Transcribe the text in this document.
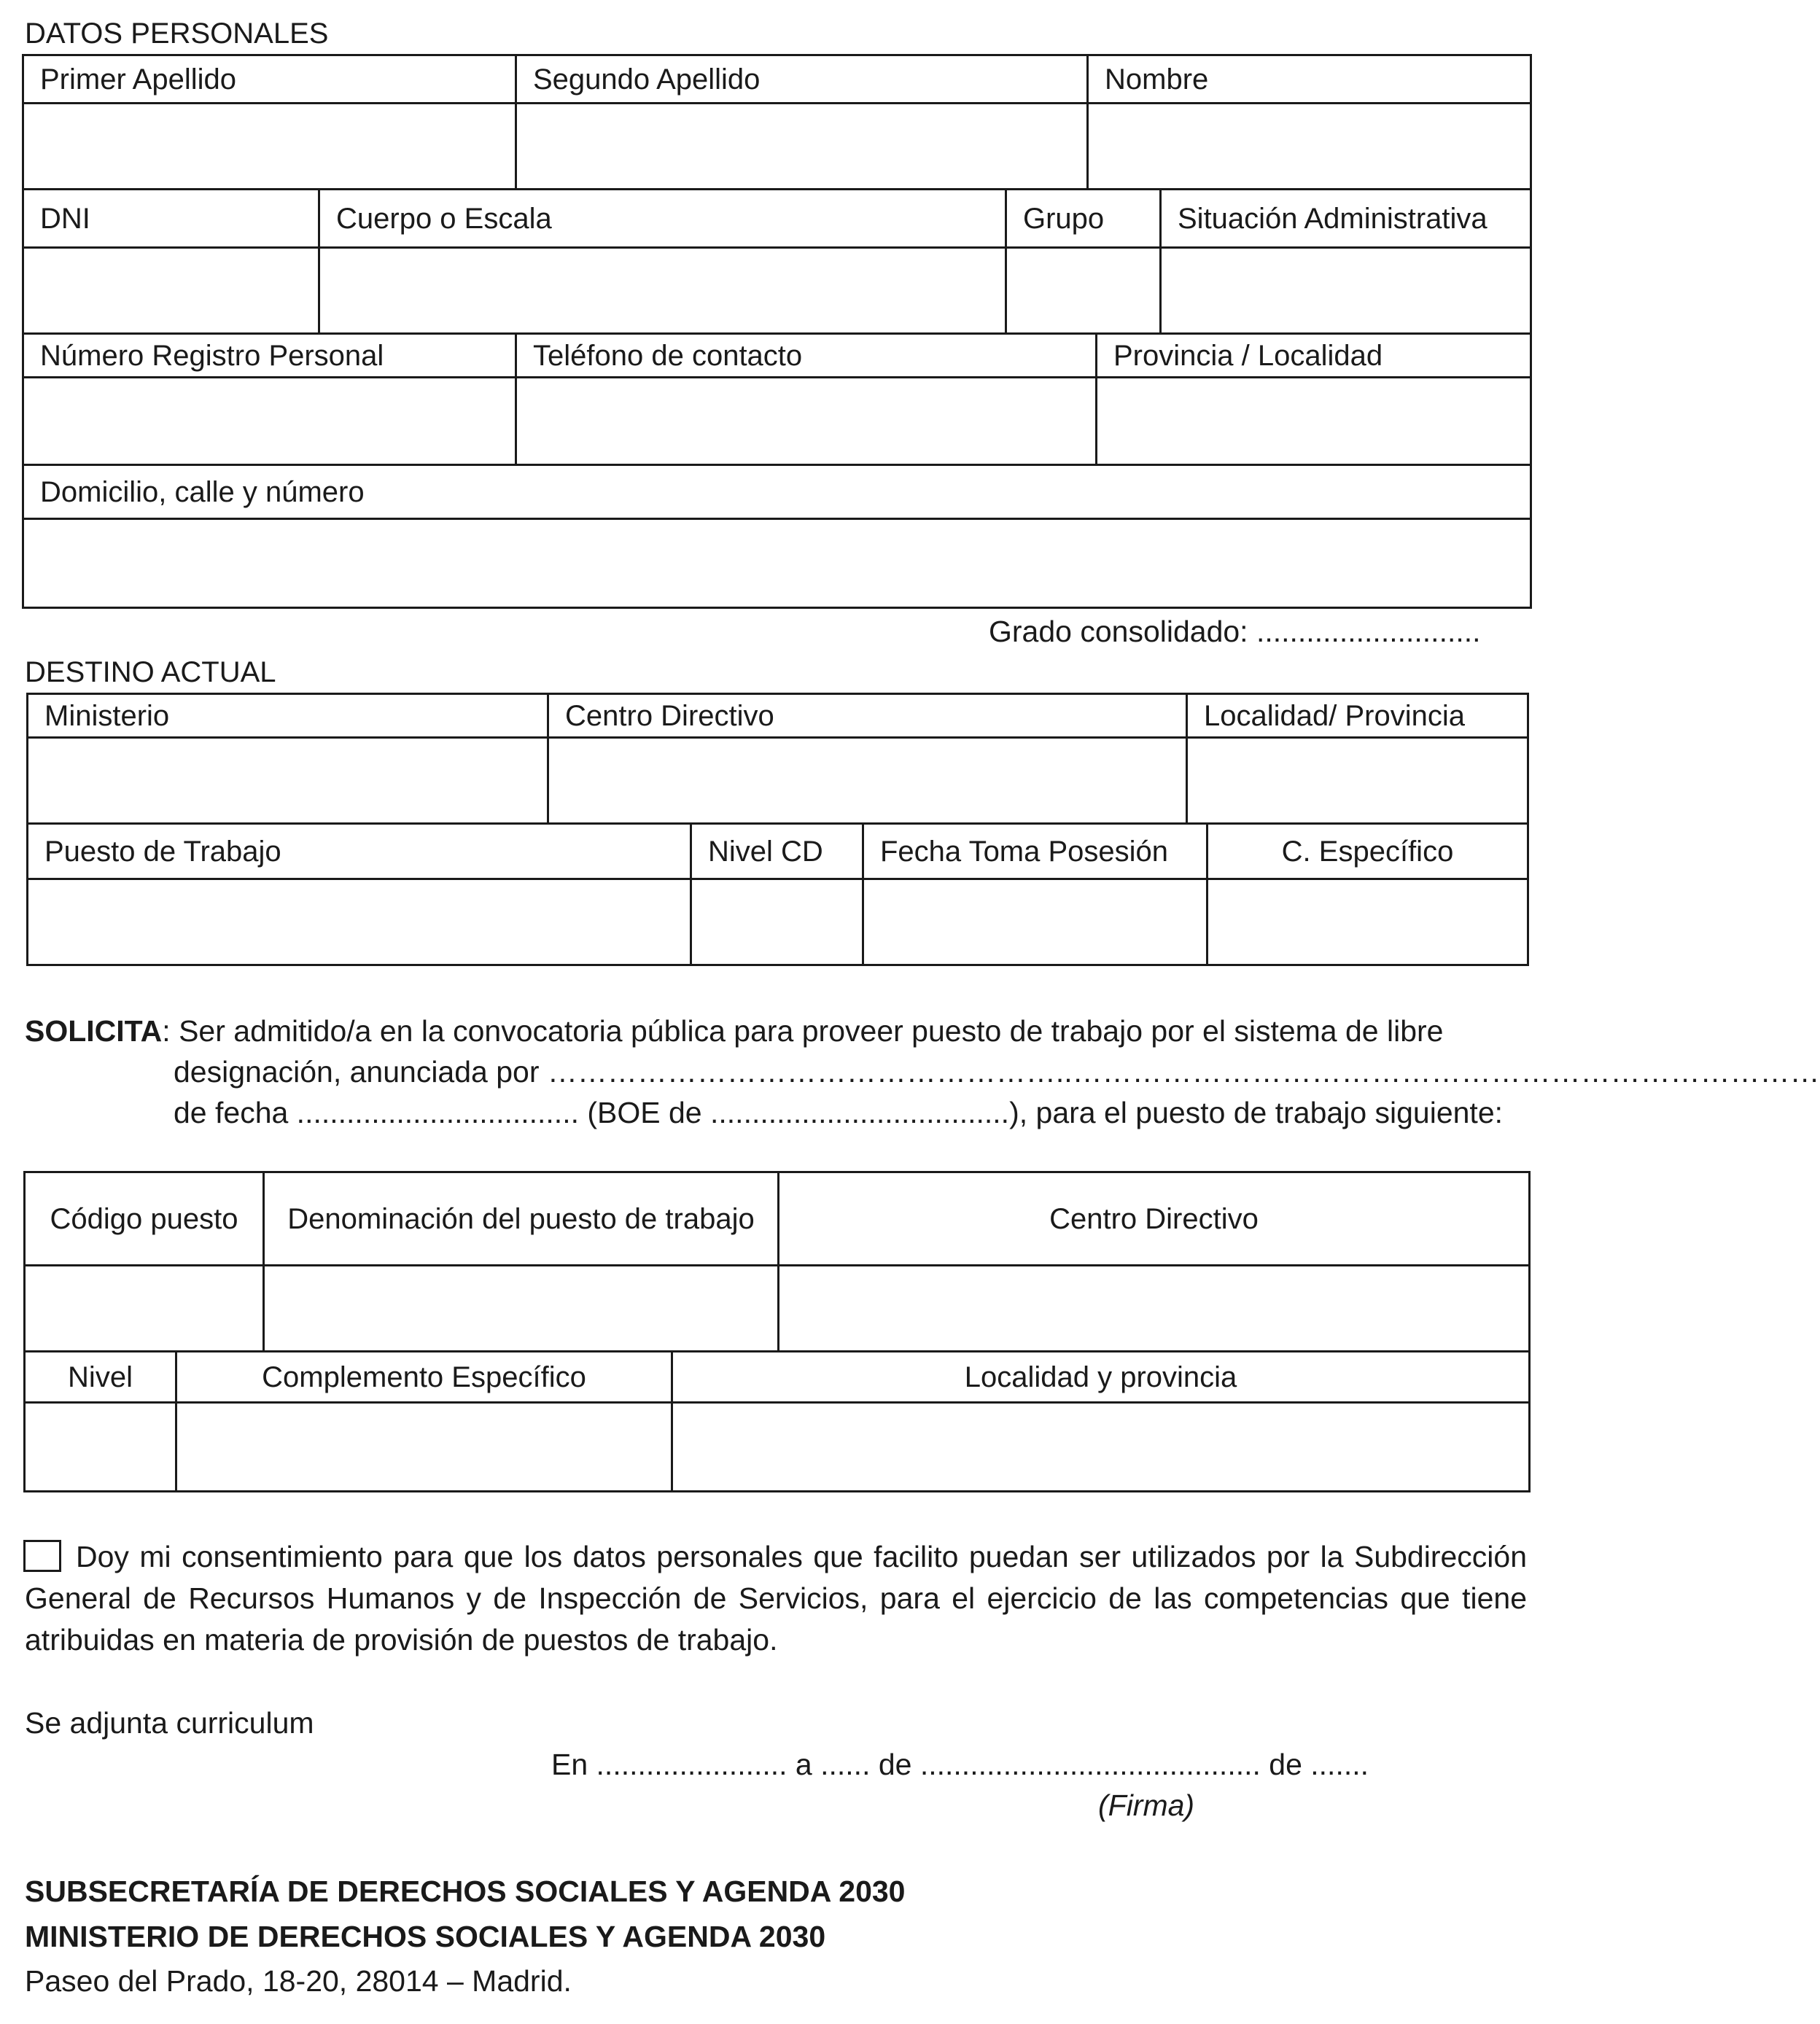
DATOS PERSONALES
Primer Apellido	Segundo Apellido	Nombre

DNI	Cuerpo o Escala	Grupo	Situación Administrativa

Número Registro Personal	Teléfono de contacto	Provincia / Localidad

Domicilio, calle y número

Grado consolidado: ...........................
DESTINO ACTUAL
Ministerio	Centro Directivo	Localidad/ Provincia

Puesto de Trabajo	Nivel CD	Fecha Toma Posesión	C. Específico

SOLICITA: Ser admitido/a en la convocatoria pública para proveer puesto de trabajo por el sistema de libre
designación, anunciada por ……………………………………………..…………………………………………………………………
de fecha .................................. (BOE de ....................................), para el puesto de trabajo siguiente:
Código puesto	Denominación del puesto de trabajo	Centro Directivo

Nivel	Complemento Específico	Localidad y provincia

Doy mi consentimiento para que los datos personales que facilito puedan ser utilizados por la Subdirección General de Recursos Humanos y de Inspección de Servicios, para el ejercicio de las competencias que tiene atribuidas en materia de provisión de puestos de trabajo.
Se adjunta curriculum
En ....................... a ...... de ......................................... de .......
(Firma)
SUBSECRETARÍA DE DERECHOS SOCIALES Y AGENDA 2030
MINISTERIO DE DERECHOS SOCIALES Y AGENDA 2030
Paseo del Prado, 18-20, 28014 – Madrid.
